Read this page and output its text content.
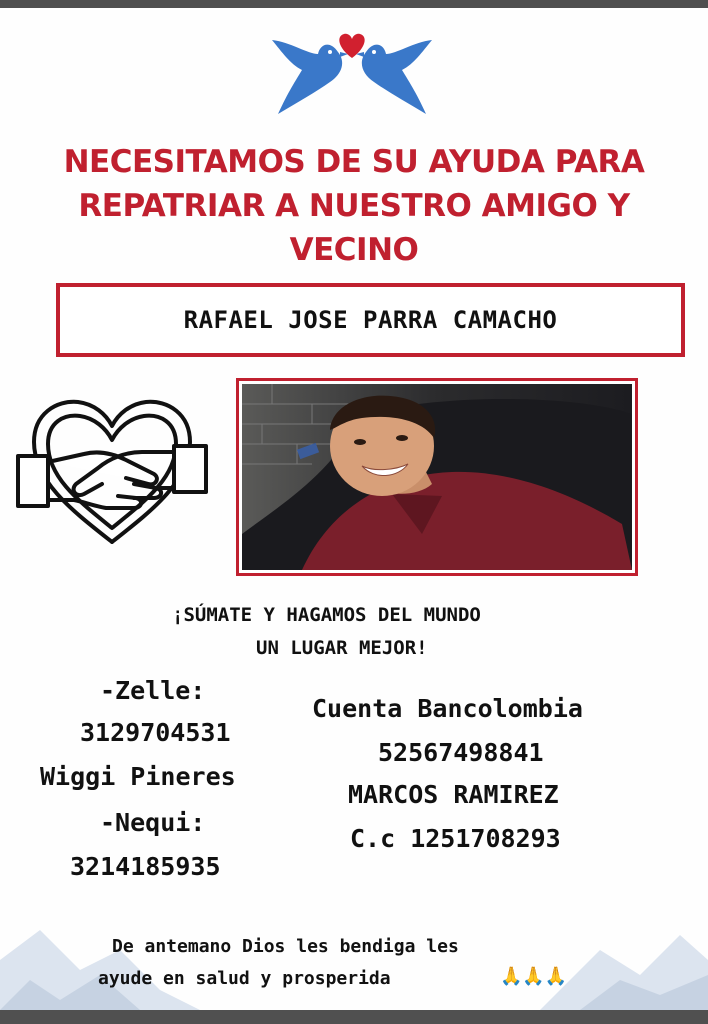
NECESITAMOS DE SU AYUDA PARA
REPATRIAR A NUESTRO AMIGO Y
VECINO
RAFAEL JOSE PARRA CAMACHO
¡SÚMATE Y HAGAMOS DEL MUNDO
UN LUGAR MEJOR!
-Zelle:
3129704531
Wiggi Pineres
-Nequi:
3214185935
Cuenta Bancolombia
52567498841
MARCOS RAMIREZ
C.c 1251708293
De antemano Dios les bendiga les
ayude en salud y prosperida	🙏🙏🙏
